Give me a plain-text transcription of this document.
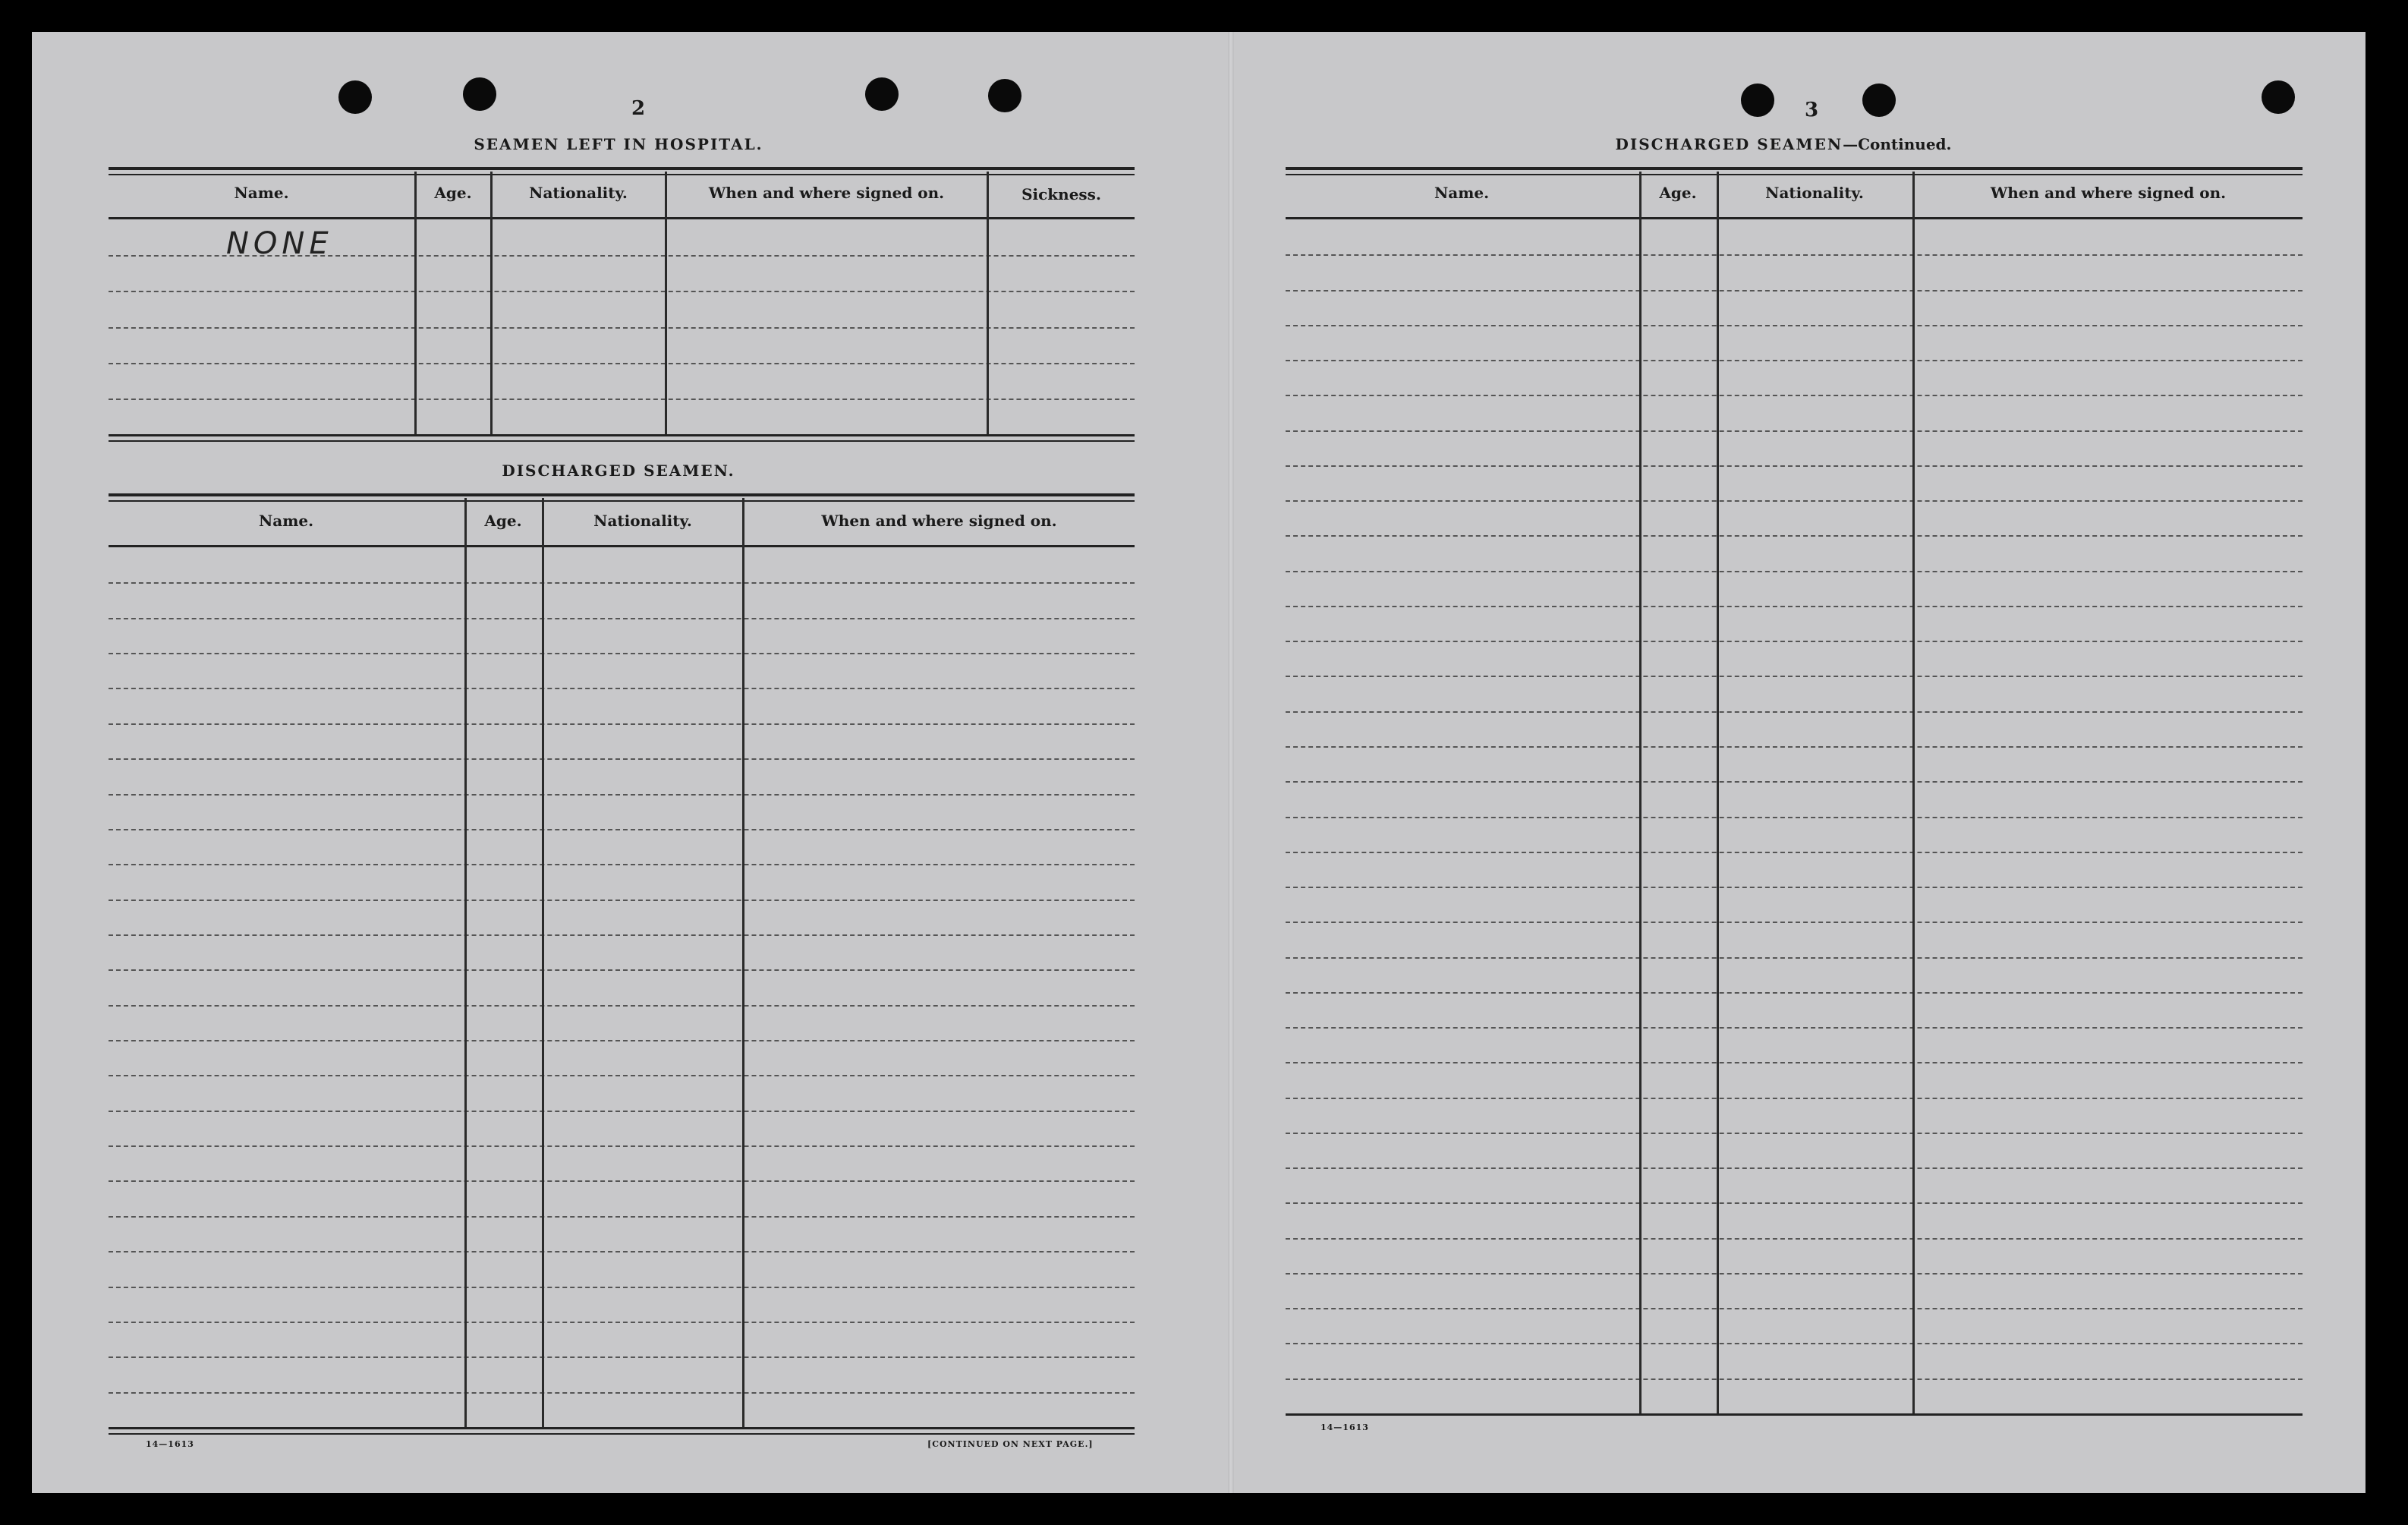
2
SEAMEN LEFT IN HOSPITAL.
Name.	Age.	Nationality.	When and where signed on.	Sickness.
NONE
DISCHARGED SEAMEN.
Name.	Age.	Nationality.	When and where signed on.
14—1613	[CONTINUED ON NEXT PAGE.]
3
DISCHARGED SEAMEN—Continued.
Name.	Age.	Nationality.	When and where signed on.
14—1613
